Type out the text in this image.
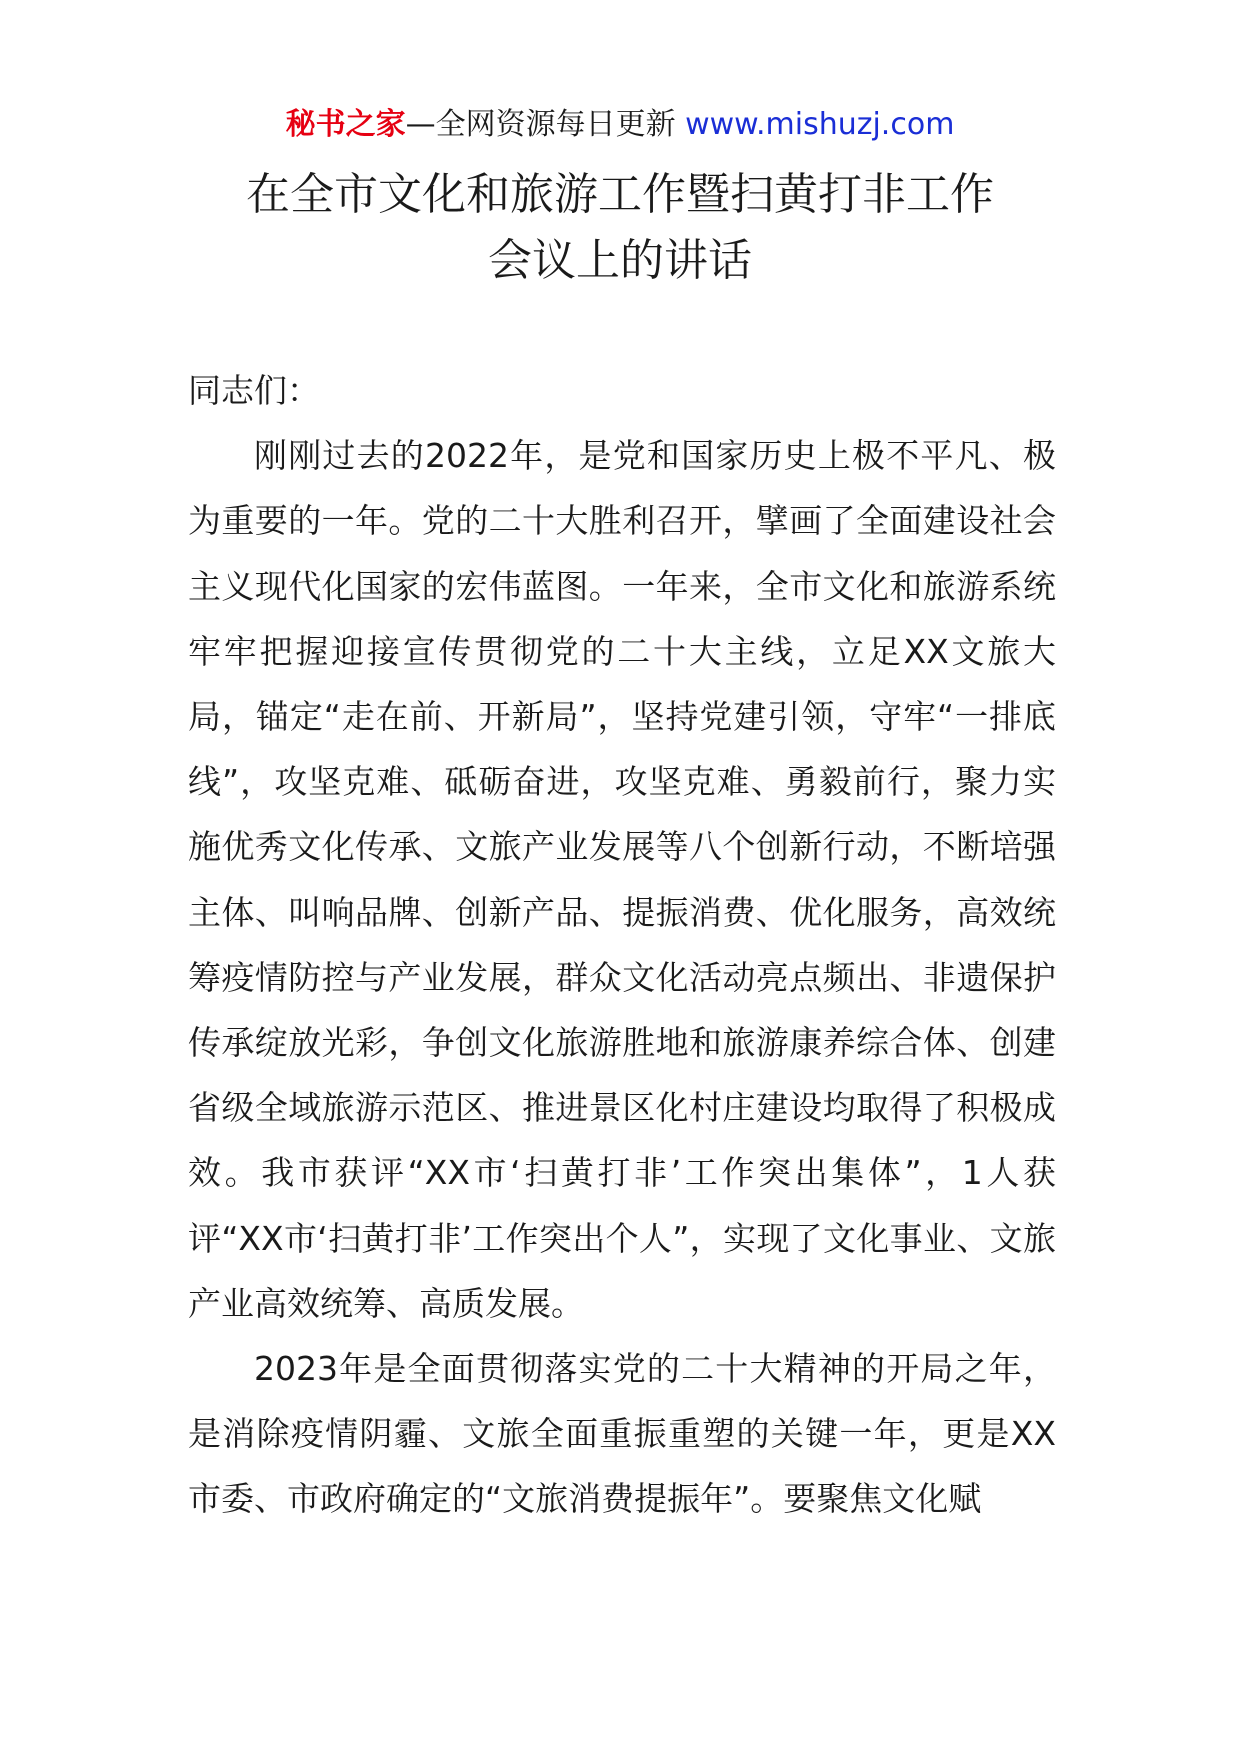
秘书之家—全网资源每日更新 www.mishuzj.com
在全市文化和旅游工作暨扫黄打非工作
会议上的讲话

同志们：

刚刚过去的2022年，是党和国家历史上极不平凡、极为重要的一年。党的二十大胜利召开，擘画了全面建设社会主义现代化国家的宏伟蓝图。一年来，全市文化和旅游系统牢牢把握迎接宣传贯彻党的二十大主线，立足XX文旅大局，锚定“走在前、开新局”，坚持党建引领，守牢“一排底线”，攻坚克难、砥砺奋进，攻坚克难、勇毅前行，聚力实施优秀文化传承、文旅产业发展等八个创新行动，不断培强主体、叫响品牌、创新产品、提振消费、优化服务，高效统筹疫情防控与产业发展，群众文化活动亮点频出、非遗保护传承绽放光彩，争创文化旅游胜地和旅游康养综合体、创建省级全域旅游示范区、推进景区化村庄建设均取得了积极成效。我市获评“XX市‘扫黄打非’工作突出集体”，1人获评“XX市‘扫黄打非’工作突出个人”，实现了文化事业、文旅产业高效统筹、高质发展。

2023年是全面贯彻落实党的二十大精神的开局之年，是消除疫情阴霾、文旅全面重振重塑的关键一年，更是XX市委、市政府确定的“文旅消费提振年”。要聚焦文化赋
